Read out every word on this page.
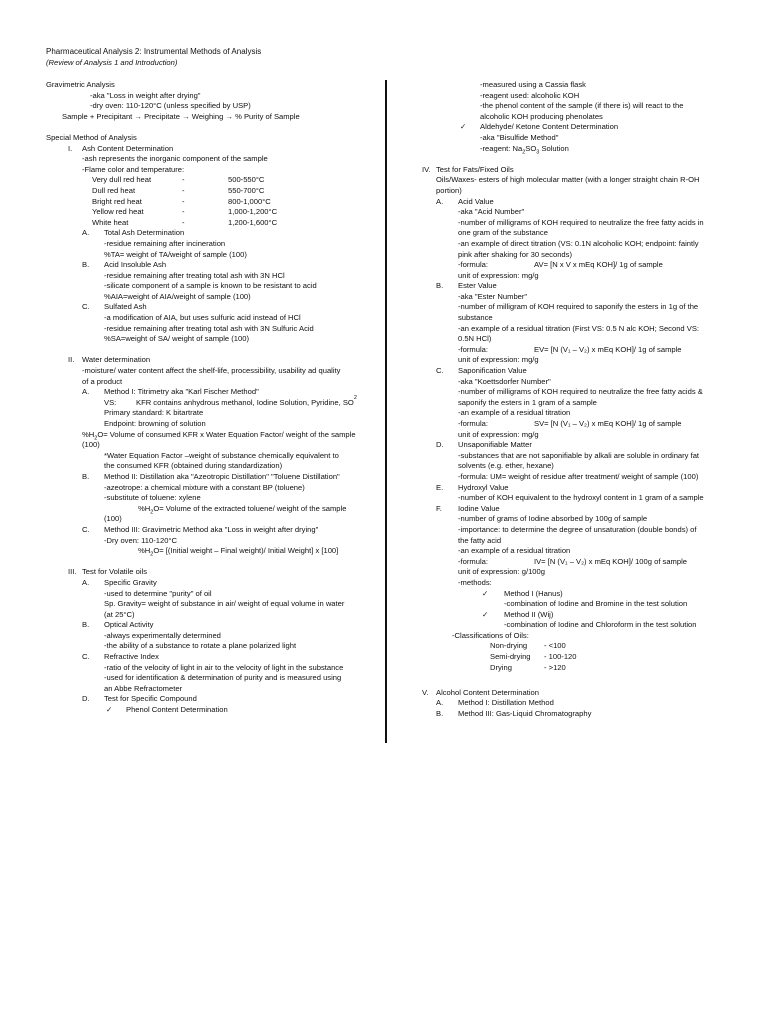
Pharmaceutical Analysis 2: Instrumental Methods of Analysis
(Review of Analysis 1 and Introduction)
Gravimetric Analysis
-aka "Loss in weight after drying"
-dry oven: 110-120°C (unless specified by USP)
Sample + Precipitant → Precipitate → Weighing → % Purity of Sample
Special Method of Analysis
I.	Ash Content Determination
-ash represents the inorganic component of the sample
-Flame color and temperature:
Very dull red heat	-	500-550°C
Dull red heat	-	550-700°C
Bright red heat	-	800-1,000°C
Yellow red heat	-	1,000-1,200°C
White heat	-	1,200-1,600°C
A.	Total Ash Determination
-residue remaining after incineration
%TA= weight of TA/weight of sample (100)
B.	Acid Insoluble Ash
-residue remaining after treating total ash with 3N HCl
-silicate component of a sample is known to be resistant to acid
%AIA=weight of AIA/weight of sample (100)
C.	Sulfated Ash
-a modification of AIA, but uses sulfuric acid instead of HCl
-residue remaining after treating total ash with 3N Sulfuric Acid
%SA=weight of SA/ weight of sample (100)
II.	Water determination
-moisture/ water content affect the shelf-life, processibility, usability ad quality
of a product
A.	Method I: Titrimetry aka "Karl Fischer Method"
VS:	KFR contains anhydrous methanol, Iodine Solution, Pyridine, SO 2
Primary standard: K bitartrate
Endpoint: browning of solution
$\%H_2O=$ Volume of consumed KFR x Water Equation Factor/ weight of the sample
(100)
*Water Equation Factor –weight of substance chemically equivalent to
the consumed KFR (obtained during standardization)
B.	Method II: Distillation aka "Azeotropic Distillation" "Toluene Distillation"
-azeotrope: a chemical mixture with a constant BP (toluene)
-substitute of toluene: xylene
$\%H_2O=$ Volume of the extracted toluene/ weight of the sample
(100)
C.	Method III: Gravimetric Method aka "Loss in weight after drying"
-Dry oven: 110-120°C
$\%H_2O=$ [(Initial weight – Final weight)/ Initial Weight] x [100]
III. Test for Volatile oils
A.	Specific Gravity
-used to determine "purity" of oil
Sp. Gravity= weight of substance in air/ weight of equal volume in water
(at 25°C)
B.	Optical Activity
-always experimentally determined
-the ability of a substance to rotate a plane polarized light
C.	Refractive Index
-ratio of the velocity of light in air to the velocity of light in the substance
-used for identification & determination of purity and is measured using
an Abbe Refractometer
D.	Test for Specific Compound
✓Phenol Content Determination
-measured using a Cassia flask
-reagent used: alcoholic KOH
-the phenol content of the sample (if there is) will react to the
alcoholic KOH producing phenolates
✓Aldehyde/ Ketone Content Determination
-aka "Bisulfide Method"
-reagent: $Na_2SO_3$ Solution
IV. Test for Fats/Fixed Oils
Oils/Waxes- esters of high molecular matter (with a longer straight chain R-OH
portion)
A.	Acid Value
-aka "Acid Number"
-number of milligrams of KOH required to neutralize the free fatty acids in
one gram of the substance
-an example of direct titration (VS: 0.1N alcoholic KOH; endpoint: faintly
pink after shaking for 30 seconds)
-formula:	AV= [N x V x mEq KOH]/ 1g of sample
unit of expression: mg/g
B.	Ester Value
-aka "Ester Number"
-number of milligram of KOH required to saponify the esters in 1g of the
substance
-an example of a residual titration (First VS: 0.5 N alc KOH; Second VS:
0.5N HCl)
-formula:	EV= [N (V₁ – V₂) x mEq KOH]/ 1g of sample
unit of expression: mg/g
C.	Saponification Value
-aka "Koettsdorfer Number"
-number of milligrams of KOH required to neutralize the free fatty acids &
saponify the esters in 1 gram of a sample
-an example of a residual titration
-formula:	SV= [N (V₁ – V₂) x mEq KOH]/ 1g of sample
unit of expression: mg/g
D.	Unsaponifiable Matter
-substances that are not saponifiable by alkali are soluble in ordinary fat
solvents (e.g. ether, hexane)
-formula: UM= weight of residue after treatment/ weight of sample (100)
E.	Hydroxyl Value
-number of KOH equivalent to the hydroxyl content in 1 gram of a sample
F.	Iodine Value
-number of grams of Iodine absorbed by 100g of sample
-importance: to determine the degree of unsaturation (double bonds) of
the fatty acid
-an example of a residual titration
-formula:	IV= [N (V₁ – V₂) x mEq KOH]/ 100g of sample
unit of expression: g/100g
-methods:
✓Method I (Hanus)
-combination of Iodine and Bromine in the test solution
✓Method II (Wij)
-combination of Iodine and Chloroform in the test solution
-Classifications of Oils:
Non-drying	- <100
Semi-drying	- 100-120
Drying	- >120
V. Alcohol Content Determination
A.	Method I: Distillation Method
B.	Method III: Gas-Liquid Chromatography
